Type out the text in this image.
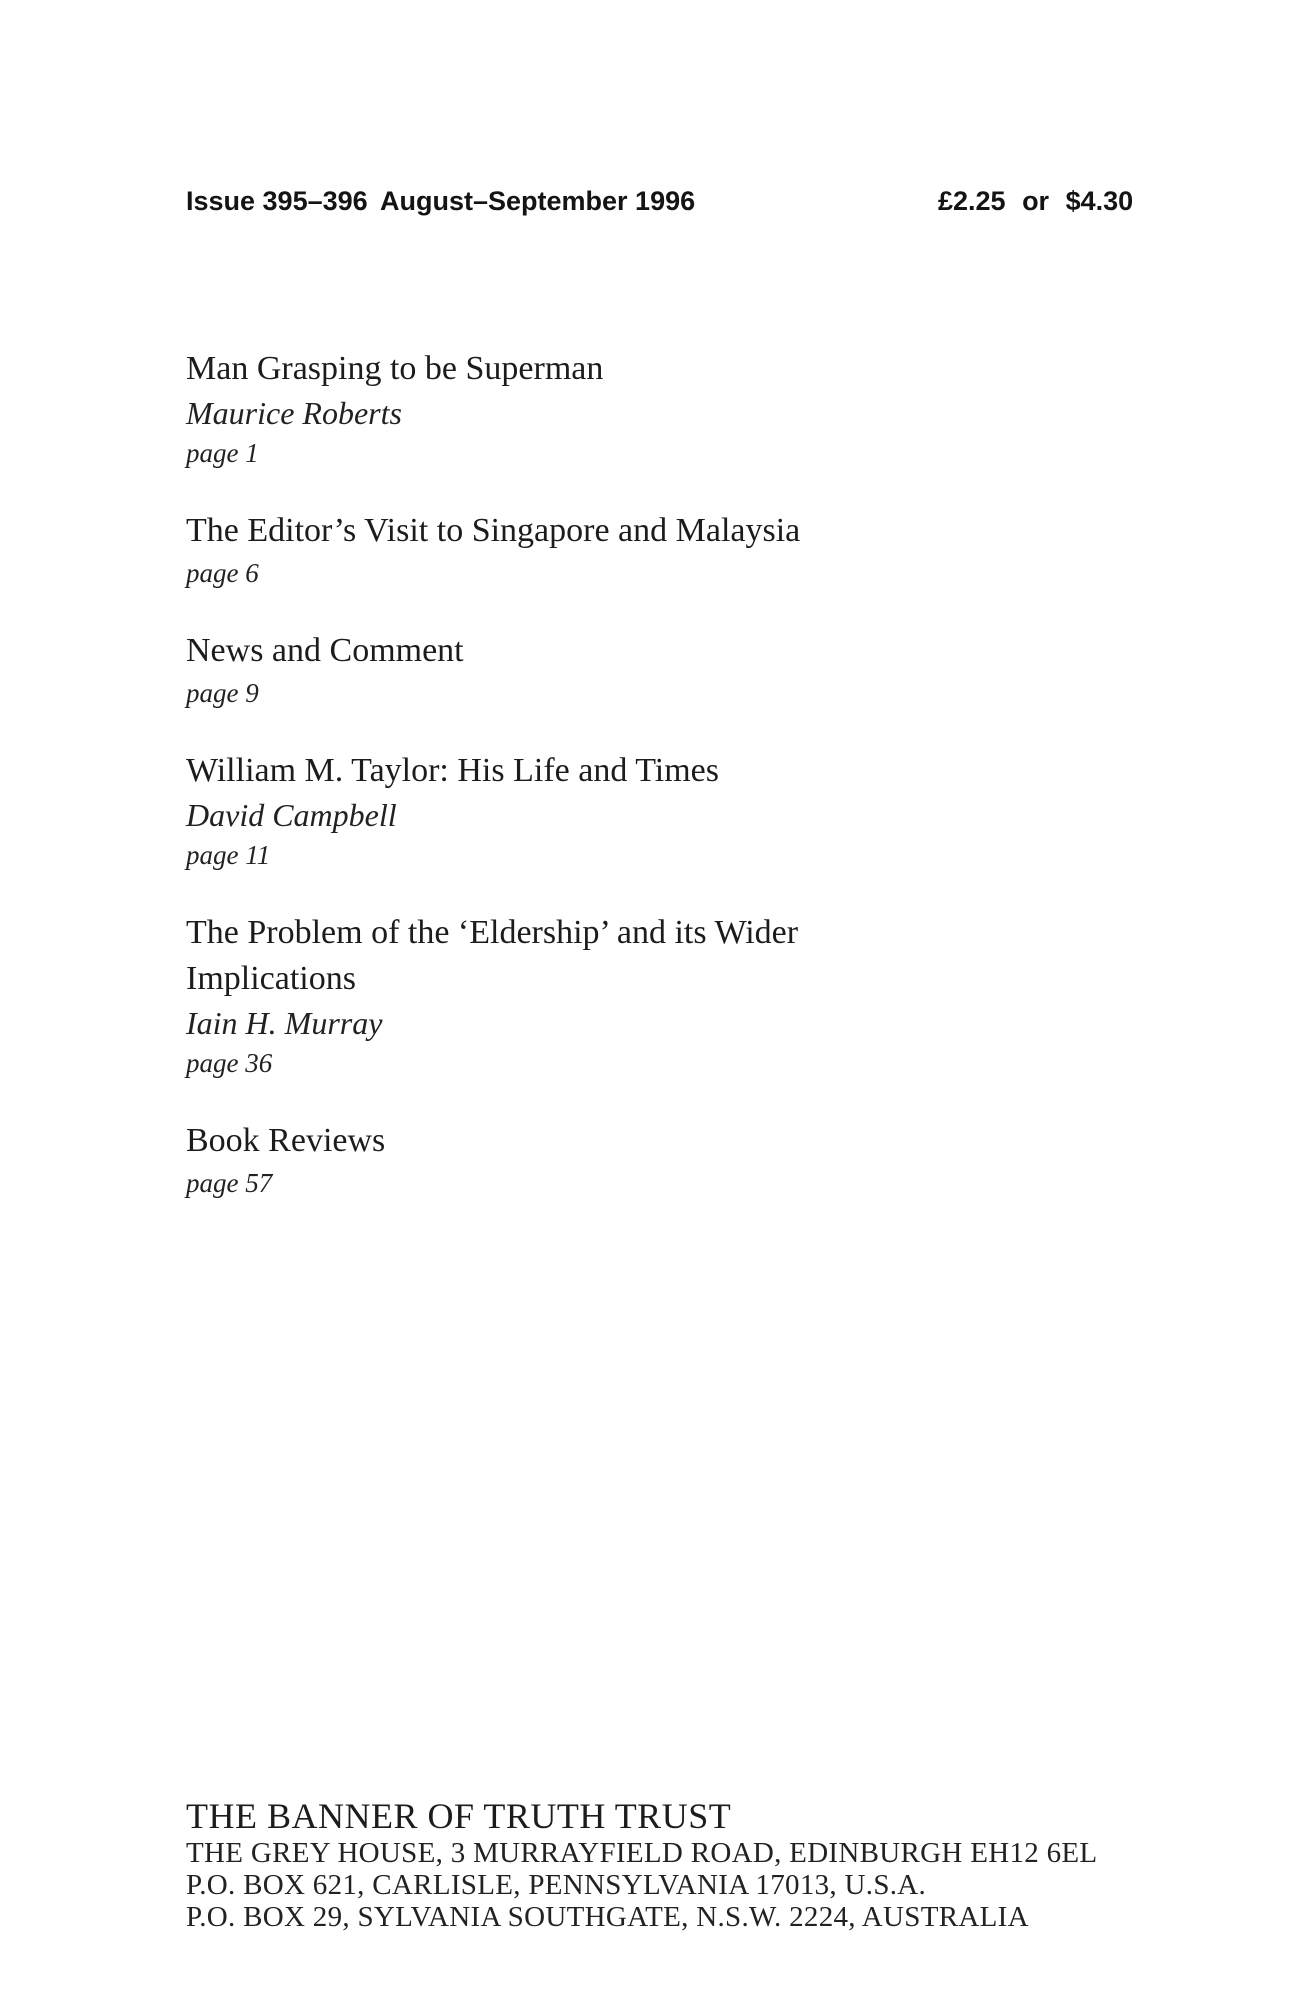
Issue 395–396 August–September 1996	£2.25 or $4.30
Man Grasping to be Superman
Maurice Roberts
page 1
The Editor’s Visit to Singapore and Malaysia
page 6
News and Comment
page 9
William M. Taylor: His Life and Times
David Campbell
page 11
The Problem of the ‘Eldership’ and its Wider Implications
Iain H. Murray
page 36
Book Reviews
page 57
THE BANNER OF TRUTH TRUST
THE GREY HOUSE, 3 MURRAYFIELD ROAD, EDINBURGH EH12 6EL
P.O. BOX 621, CARLISLE, PENNSYLVANIA 17013, U.S.A.
P.O. BOX 29, SYLVANIA SOUTHGATE, N.S.W. 2224, AUSTRALIA
